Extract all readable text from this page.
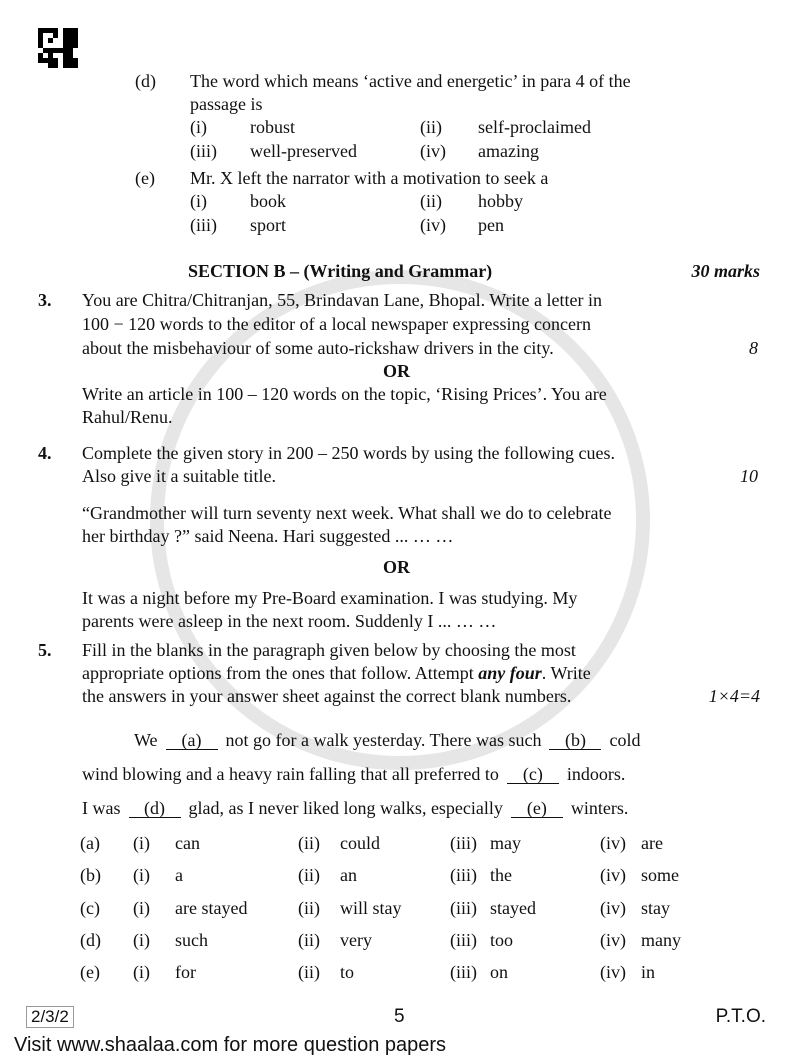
(d) The word which means ‘active and energetic’ in para 4 of the
passage is
(i) robust	(ii) self-proclaimed
(iii) well-preserved	(iv) amazing
(e) Mr. X left the narrator with a motivation to seek a
(i) book	(ii) hobby
(iii) sport	(iv) pen
SECTION B – (Writing and Grammar)	30 marks
3. You are Chitra/Chitranjan, 55, Brindavan Lane, Bhopal. Write a letter in
100 − 120 words to the editor of a local newspaper expressing concern
about the misbehaviour of some auto-rickshaw drivers in the city.	8
OR
Write an article in 100 – 120 words on the topic, ‘Rising Prices’. You are
Rahul/Renu.
4. Complete the given story in 200 – 250 words by using the following cues.
Also give it a suitable title.	10
“Grandmother will turn seventy next week. What shall we do to celebrate
her birthday ?” said Neena. Hari suggested ... … …
OR
It was a night before my Pre-Board examination. I was studying. My
parents were asleep in the next room. Suddenly I ... … …
5. Fill in the blanks in the paragraph given below by choosing the most
appropriate options from the ones that follow. Attempt any four. Write
the answers in your answer sheet against the correct blank numbers.	1×4=4
We (a) not go for a walk yesterday. There was such (b) cold
wind blowing and a heavy rain falling that all preferred to (c) indoors.
I was (d) glad, as I never liked long walks, especially (e) winters.
(a) (i) can	(ii) could	(iii) may	(iv) are
(b) (i) a	(ii) an	(iii) the	(iv) some
(c) (i) are stayed	(ii) will stay	(iii) stayed	(iv) stay
(d) (i) such	(ii) very	(iii) too	(iv) many
(e) (i) for	(ii) to	(iii) on	(iv) in
2/3/2	5	P.T.O.
Visit www.shaalaa.com for more question papers
